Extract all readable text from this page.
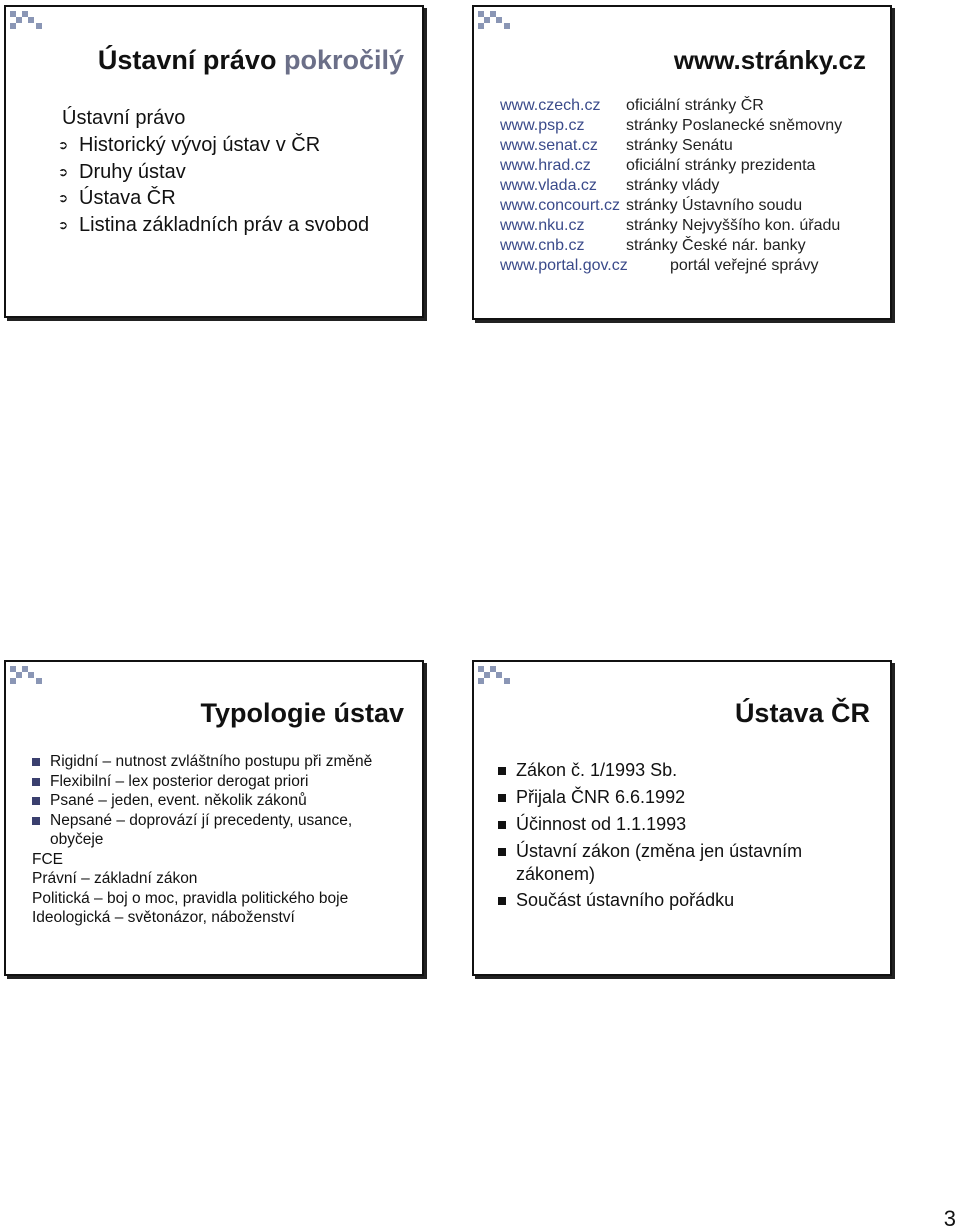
Ústavní právo pokročilý
Ústavní právo
➲ Historický vývoj ústav v ČR
➲ Druhy ústav
➲ Ústava ČR
➲ Listina základních práv a svobod
www.stránky.cz
www.czech.cz oficiální stránky ČR
www.psp.cz	stránky Poslanecké sněmovny
www.senat.cz stránky Senátu
www.hrad.cz oficiální stránky prezidenta
www.vlada.cz stránky vlády
www.concourt.cz stránky Ústavního soudu
www.nku.cz	stránky Nejvyššího kon. úřadu
www.cnb.cz	stránky České nár. banky
www.portal.gov.cz	portál veřejné správy
Typologie ústav
Rigidní – nutnost zvláštního postupu při změně
Flexibilní – lex posterior derogat priori
Psané – jeden, event. několik zákonů
Nepsané – doprovází jí precedenty, usance,
obyčeje
FCE
Právní – základní zákon
Politická – boj o moc, pravidla politického boje
Ideologická – světonázor, náboženství
Ústava ČR
Zákon č. 1/1993 Sb.
Přijala ČNR 6.6.1992
Účinnost od 1.1.1993
Ústavní zákon (změna jen ústavním
zákonem)
Součást ústavního pořádku
3
